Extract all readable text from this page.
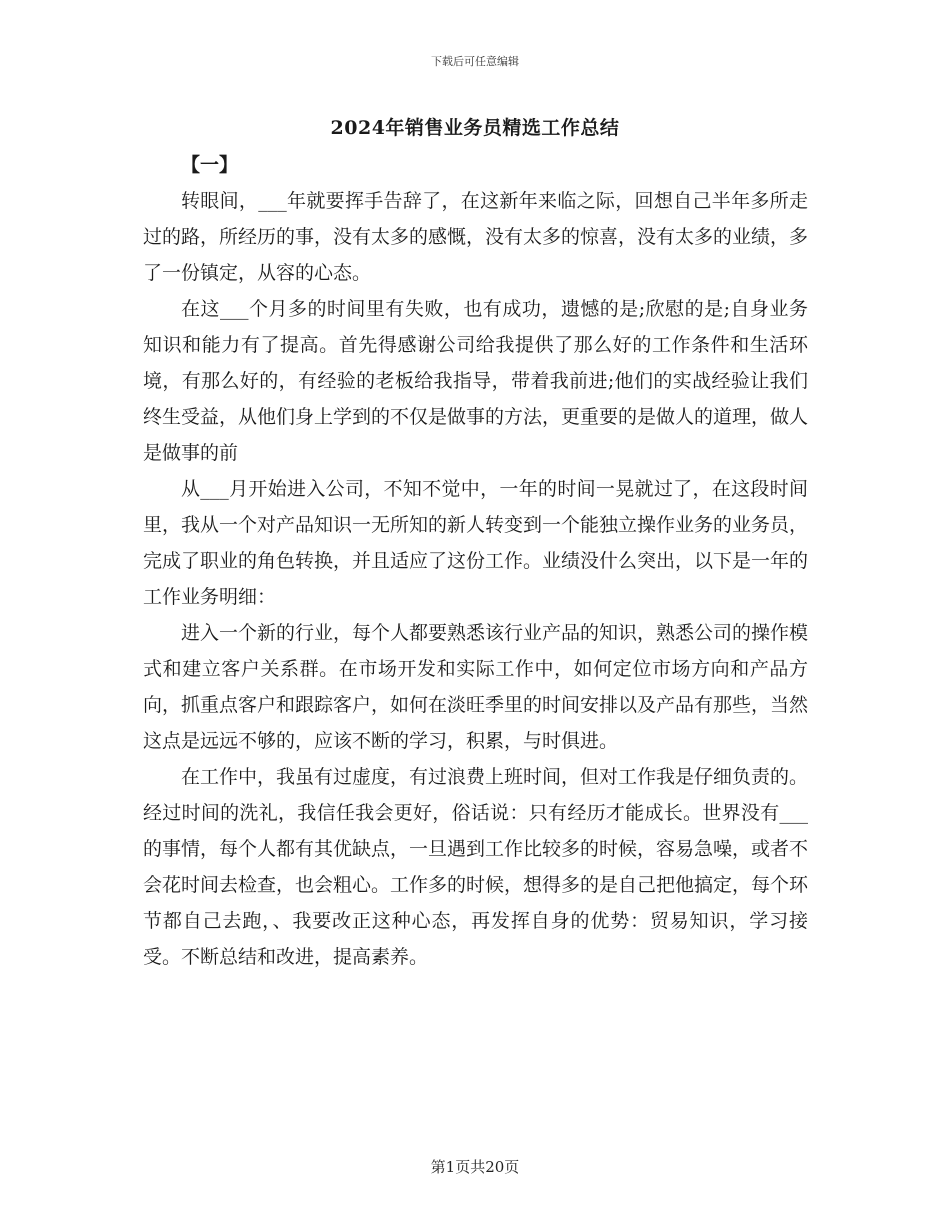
下载后可任意编辑
2024年销售业务员精选工作总结
【一】

转眼间，___年就要挥手告辞了，在这新年来临之际，回想自己半年多所走过的路，所经历的事，没有太多的感慨，没有太多的惊喜，没有太多的业绩，多了一份镇定，从容的心态。

在这___个月多的时间里有失败，也有成功，遗憾的是;欣慰的是;自身业务知识和能力有了提高。首先得感谢公司给我提供了那么好的工作条件和生活环境，有那么好的，有经验的老板给我指导，带着我前进;他们的实战经验让我们终生受益，从他们身上学到的不仅是做事的方法，更重要的是做人的道理，做人是做事的前

从___月开始进入公司，不知不觉中，一年的时间一晃就过了，在这段时间里，我从一个对产品知识一无所知的新人转变到一个能独立操作业务的业务员，完成了职业的角色转换，并且适应了这份工作。业绩没什么突出，以下是一年的工作业务明细：

进入一个新的行业，每个人都要熟悉该行业产品的知识，熟悉公司的操作模式和建立客户关系群。在市场开发和实际工作中，如何定位市场方向和产品方向，抓重点客户和跟踪客户，如何在淡旺季里的时间安排以及产品有那些，当然这点是远远不够的，应该不断的学习，积累，与时俱进。

在工作中，我虽有过虚度，有过浪费上班时间，但对工作我是仔细负责的。经过时间的洗礼，我信任我会更好，俗话说：只有经历才能成长。世界没有___的事情，每个人都有其优缺点，一旦遇到工作比较多的时候，容易急噪，或者不会花时间去检查，也会粗心。工作多的时候，想得多的是自己把他搞定，每个环节都自己去跑，、我要改正这种心态，再发挥自身的优势：贸易知识，学习接受。不断总结和改进，提高素养。

第1页共20页
